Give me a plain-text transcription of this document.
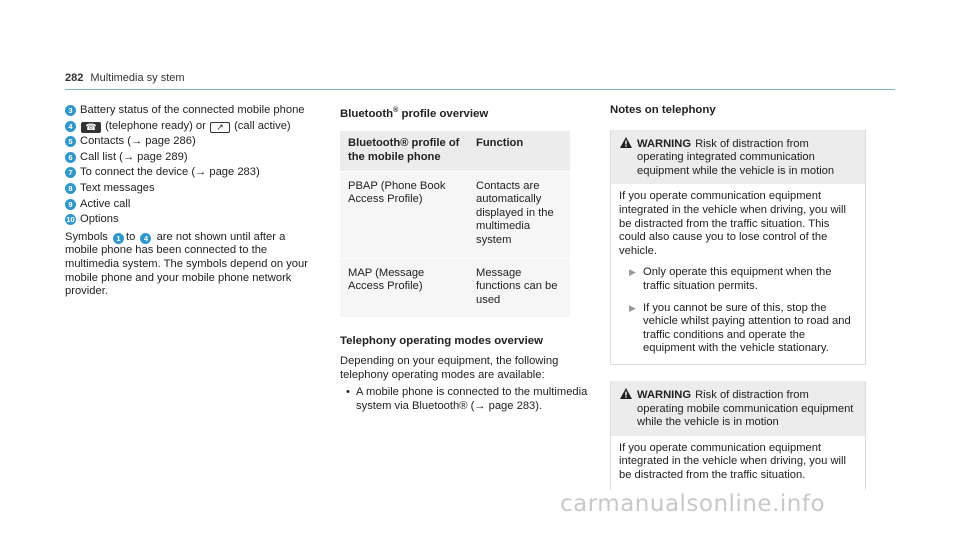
282 Multimedia sy stem
3 Battery status of the connected mobile phone
4	☎ (telephone ready) or ↗ (call active)
5 Contacts (→ page 286)
6 Call list (→ page 289)
7 To connect the device (→ page 283)
8 Text messages
9 Active call
10 Options
Symbols 1 to 4 are not shown until after a mobile phone has been connected to the multimedia system. The symbols depend on your mobile phone and your mobile phone network provider.
Bluetooth® profile overview
Bluetooth® profile of the mobile phone	Function
PBAP (Phone Book Access Profile)	Contacts are automatically displayed in the multimedia system
MAP (Message Access Profile)	Message functions can be used
Telephony operating modes overview
Depending on your equipment, the following telephony operating modes are available:
• A mobile phone is connected to the multimedia system via Bluetooth® (→ page 283).
Notes on telephony
WARNING Risk of distraction from operating integrated communication equipment while the vehicle is in motion
If you operate communication equipment integrated in the vehicle when driving, you will be distracted from the traffic situation. This could also cause you to lose control of the vehicle.
▶ Only operate this equipment when the traffic situation permits.
▶ If you cannot be sure of this, stop the vehicle whilst paying attention to road and traffic conditions and operate the equipment with the vehicle stationary.
WARNING Risk of distraction from operating mobile communication equipment while the vehicle is in motion
If you operate communication equipment integrated in the vehicle when driving, you will be distracted from the traffic situation.
carmanualsonline.info
